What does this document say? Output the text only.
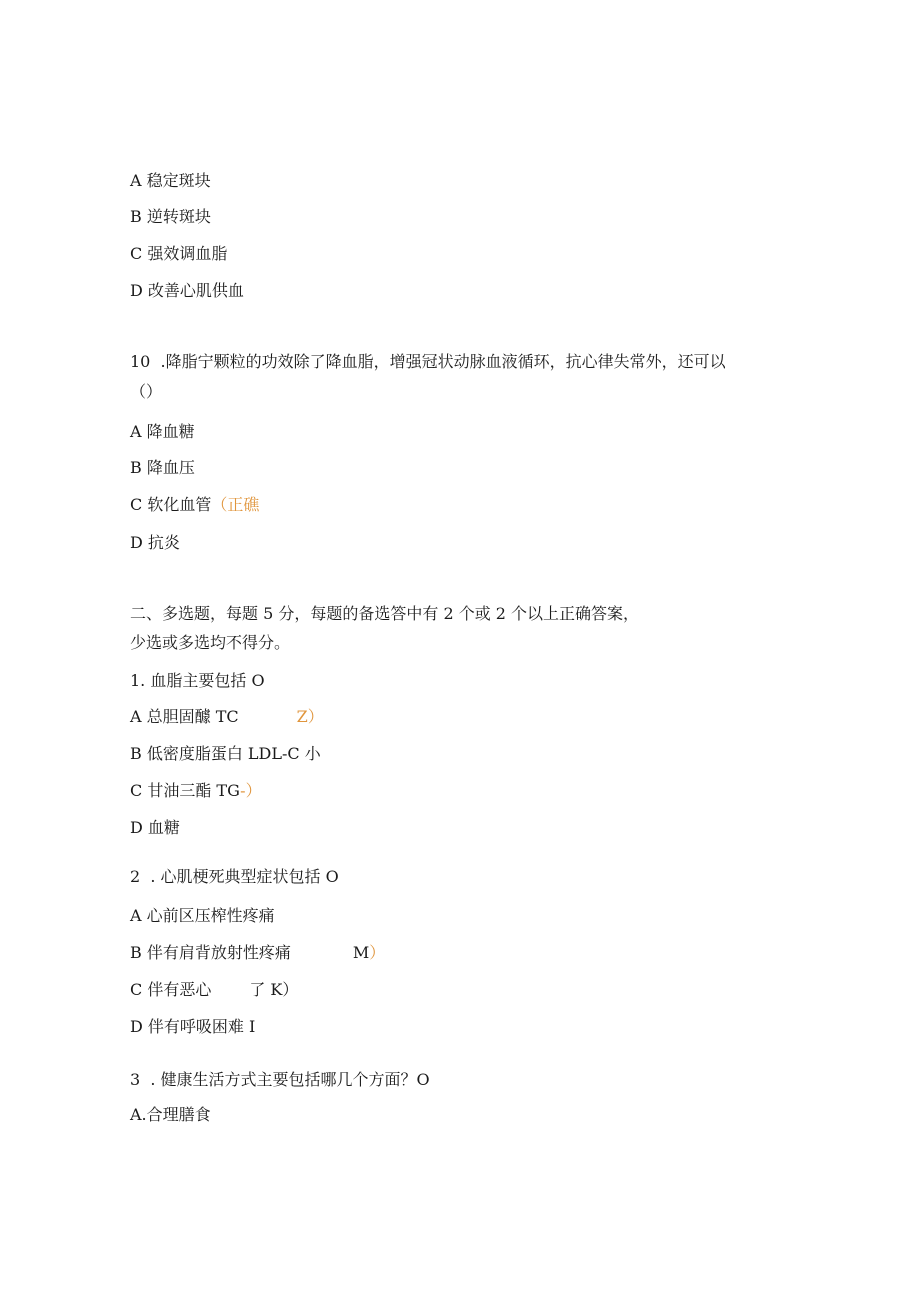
A 稳定斑块

B 逆转斑块

C 强效调血脂

D 改善心肌供血

10  .降脂宁颗粒的功效除了降血脂，增强冠状动脉血液循环，抗心律失常外，还可以

（）

A 降血糖

B 降血压

C 软化血管（正礁

D 抗炎

二、多选题，每题 5 分，每题的备选答中有 2 个或 2 个以上正确答案，

少选或多选均不得分。

1. 血脂主要包括 O

A 总胆固醵 TC	Z）

B 低密度脂蛋白 LDL-C 小

C 甘油三酯 TG-）

D 血糖

2  . 心肌梗死典型症状包括 O

A 心前区压榨性疼痛

B 伴有肩背放射性疼痛	M）

C 伴有恶心 了 K）

D 伴有呼吸困难 I

3  . 健康生活方式主要包括哪几个方面？O

A.合理膳食
